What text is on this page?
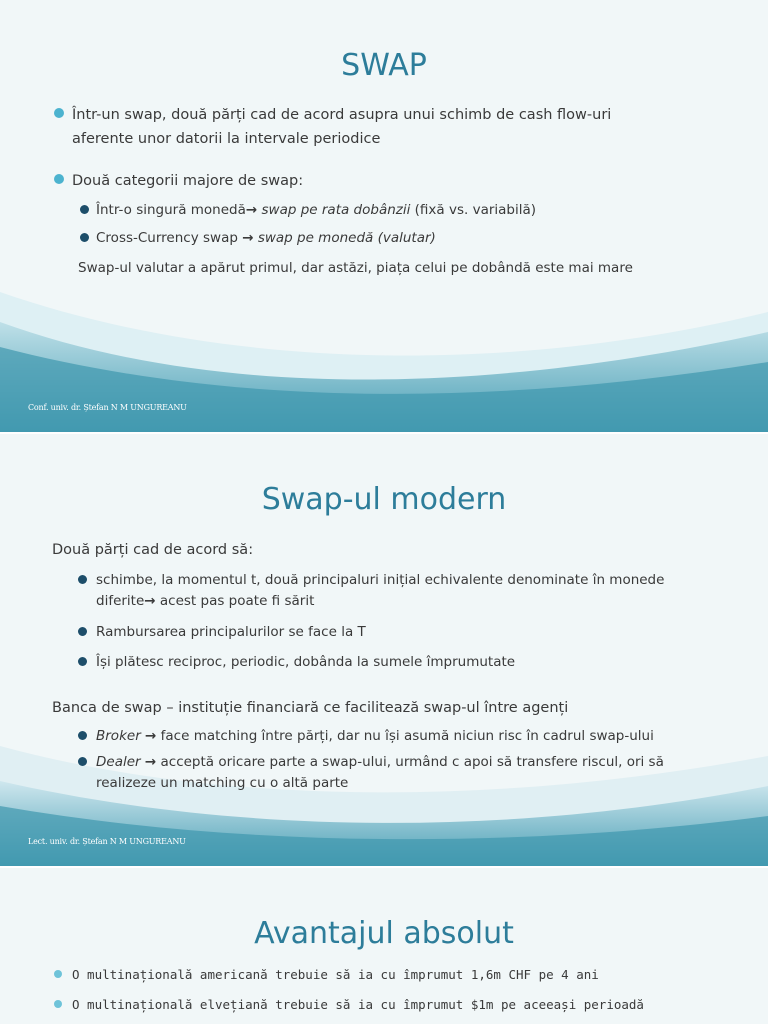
SWAP
Într-un swap, două părți cad de acord asupra unui schimb de cash flow-uri
aferente unor datorii la intervale periodice
Două categorii majore de swap:
Într-o singură monedă→ swap pe rata dobânzii (fixă vs. variabilă)
Cross-Currency swap → swap pe monedă (valutar)
Swap-ul valutar a apărut primul, dar astăzi, piața celui pe dobândă este mai mare
Conf. univ. dr. Ștefan N M UNGUREANU
Swap-ul modern
Două părți cad de acord să:
schimbe, la momentul t, două principaluri inițial echivalente denominate în monede
diferite→ acest pas poate fi sărit
Rambursarea principalurilor se face la T
Își plătesc reciproc, periodic, dobânda la sumele împrumutate
Banca de swap – instituție financiară ce facilitează swap-ul între agenți
Broker → face matching între părți, dar nu își asumă niciun risc în cadrul swap-ului
Dealer → acceptă oricare parte a swap-ului, urmând c apoi să transfere riscul, ori să
realizeze un matching cu o altă parte
Lect. univ. dr. Ștefan N M UNGUREANU
Avantajul absolut
O multinațională americană trebuie să ia cu împrumut 1,6m CHF pe 4 ani
O multinațională elvețiană trebuie să ia cu împrumut $1m pe aceeași perioadă
